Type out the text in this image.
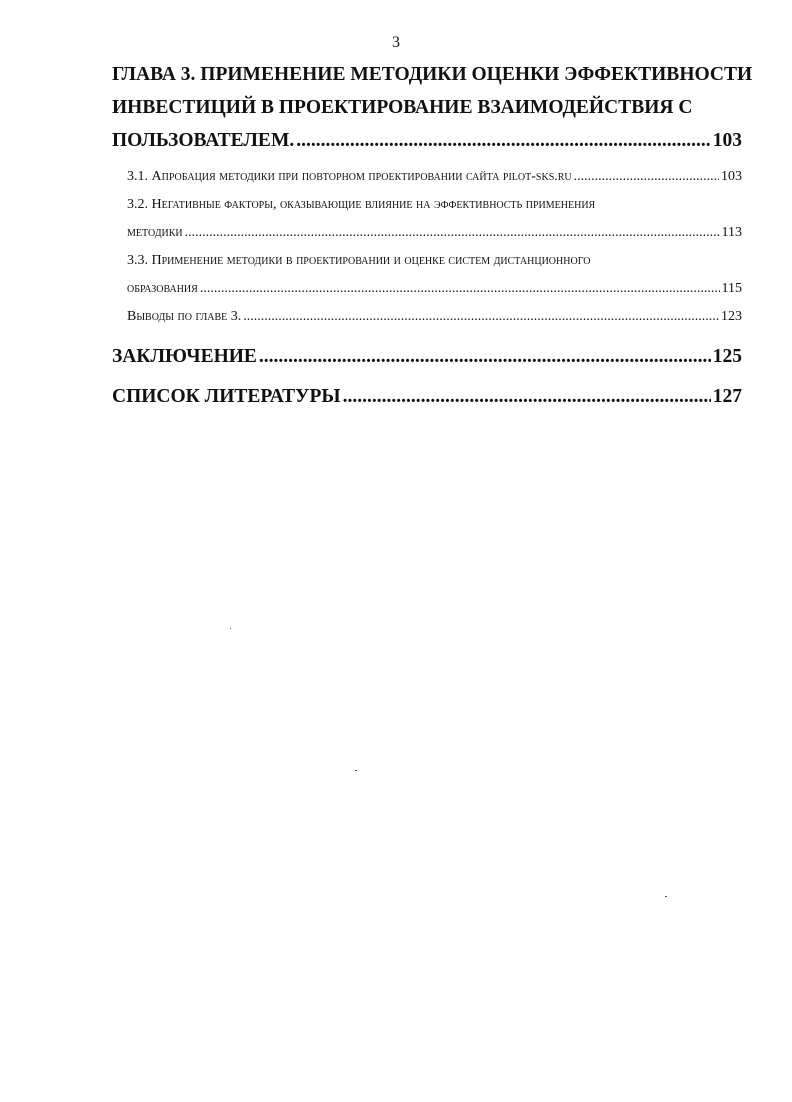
3
ГЛАВА 3. ПРИМЕНЕНИЕ МЕТОДИКИ ОЦЕНКИ ЭФФЕКТИВНОСТИ
ИНВЕСТИЦИЙ В ПРОЕКТИРОВАНИЕ ВЗАИМОДЕЙСТВИЯ С
ПОЛЬЗОВАТЕЛЕМ. .....	103
3.1. Апробация методики при повторном проектировании сайта pilot-sks.ru .....	103
3.2. Негативные факторы, оказывающие влияние на эффективность применения
методики .....	113
3.3. Применение методики в проектировании и оценке систем дистанционного
образования .....	115
Выводы по главе 3. .....	123
ЗАКЛЮЧЕНИЕ .....	125
СПИСОК ЛИТЕРАТУРЫ .....	127
